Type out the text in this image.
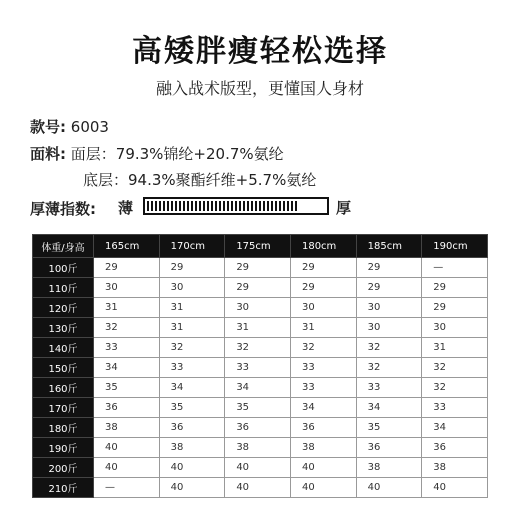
高矮胖瘦轻松选择
融入战术版型，更懂国人身材
款号: 6003
面料: 面层：79.3%锦纶+20.7%氨纶
底层：94.3%聚酯纤维+5.7%氨纶
厚薄指数: 薄	厚
体重/身高	165cm	170cm	175cm	180cm	185cm	190cm
100斤	29	29	29	29	29	—
110斤	30	30	29	29	29	29
120斤	31	31	30	30	30	29
130斤	32	31	31	31	30	30
140斤	33	32	32	32	32	31
150斤	34	33	33	33	32	32
160斤	35	34	34	33	33	32
170斤	36	35	35	34	34	33
180斤	38	36	36	36	35	34
190斤	40	38	38	38	36	36
200斤	40	40	40	40	38	38
210斤	—	40	40	40	40	40
